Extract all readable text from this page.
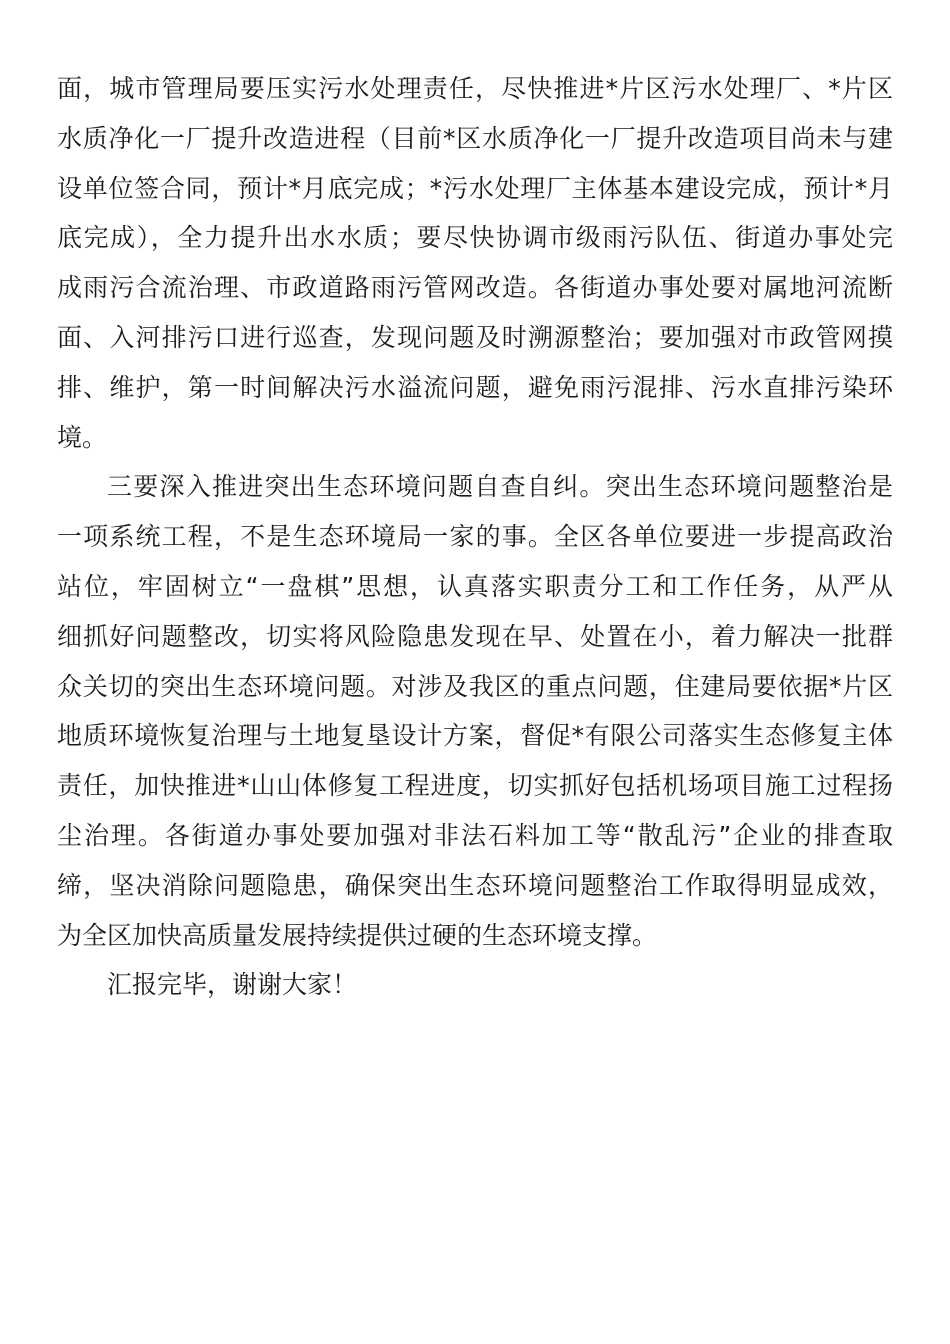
面，城市管理局要压实污水处理责任，尽快推进*片区污水处理厂、*片区
水质净化一厂提升改造进程（目前*区水质净化一厂提升改造项目尚未与建
设单位签合同，预计*月底完成；*污水处理厂主体基本建设完成，预计*月
底完成），全力提升出水水质；要尽快协调市级雨污队伍、街道办事处完
成雨污合流治理、市政道路雨污管网改造。各街道办事处要对属地河流断
面、入河排污口进行巡查，发现问题及时溯源整治；要加强对市政管网摸
排、维护，第一时间解决污水溢流问题，避免雨污混排、污水直排污染环
境。
三要深入推进突出生态环境问题自查自纠。突出生态环境问题整治是
一项系统工程，不是生态环境局一家的事。全区各单位要进一步提高政治
站位，牢固树立“一盘棋”思想，认真落实职责分工和工作任务，从严从
细抓好问题整改，切实将风险隐患发现在早、处置在小，着力解决一批群
众关切的突出生态环境问题。对涉及我区的重点问题，住建局要依据*片区
地质环境恢复治理与土地复垦设计方案，督促*有限公司落实生态修复主体
责任，加快推进*山山体修复工程进度，切实抓好包括机场项目施工过程扬
尘治理。各街道办事处要加强对非法石料加工等“散乱污”企业的排查取
缔，坚决消除问题隐患，确保突出生态环境问题整治工作取得明显成效，
为全区加快高质量发展持续提供过硬的生态环境支撑。
汇报完毕，谢谢大家！
